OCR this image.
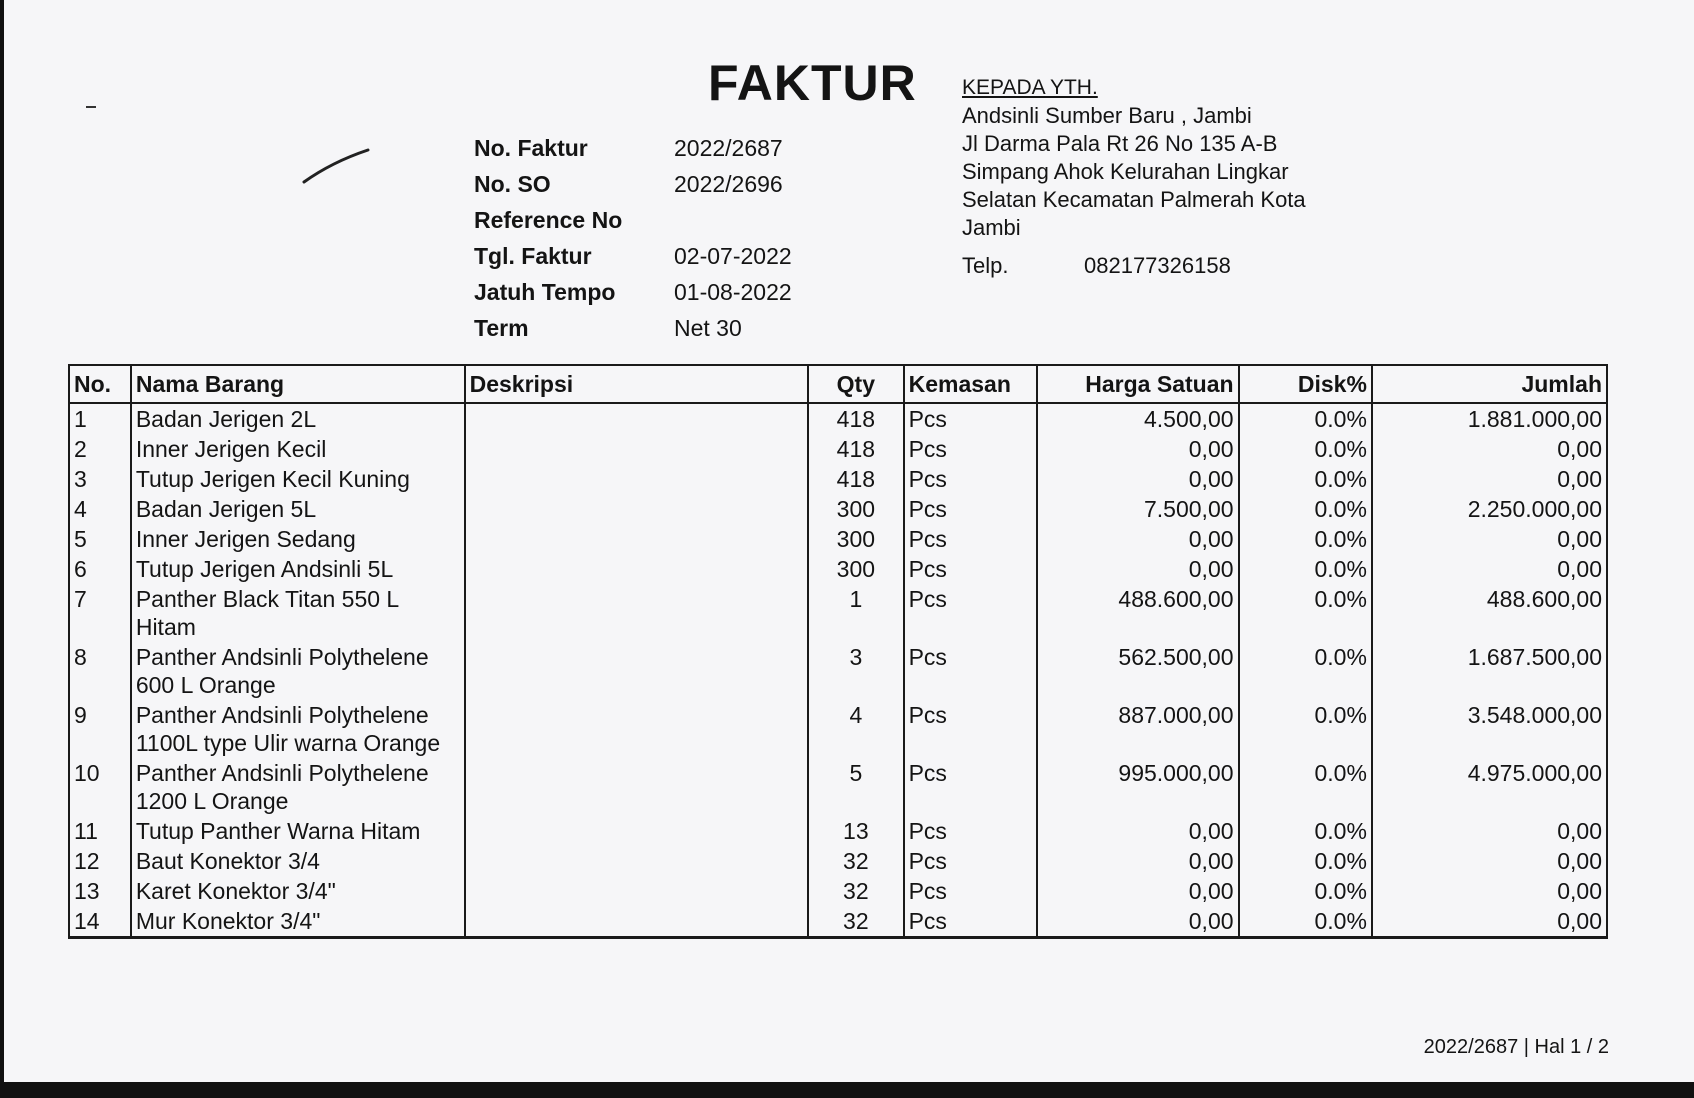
FAKTUR
No. Faktur	2022/2687
No. SO	2022/2696
Reference No
Tgl. Faktur	02-07-2022
Jatuh Tempo	01-08-2022
Term	Net 30
KEPADA YTH.
Andsinli Sumber Baru , Jambi
Jl Darma Pala Rt 26 No 135 A-B
Simpang Ahok Kelurahan Lingkar
Selatan Kecamatan Palmerah Kota
Jambi
Telp.	082177326158
No.	Nama Barang	Deskripsi	Qty	Kemasan	Harga Satuan	Disk%	Jumlah
1	Badan Jerigen 2L		418	Pcs	4.500,00	0.0%	1.881.000,00
2	Inner Jerigen Kecil		418	Pcs	0,00	0.0%	0,00
3	Tutup Jerigen Kecil Kuning		418	Pcs	0,00	0.0%	0,00
4	Badan Jerigen 5L		300	Pcs	7.500,00	0.0%	2.250.000,00
5	Inner Jerigen Sedang		300	Pcs	0,00	0.0%	0,00
6	Tutup Jerigen Andsinli 5L		300	Pcs	0,00	0.0%	0,00
7	Panther Black Titan 550 L Hitam		1	Pcs	488.600,00	0.0%	488.600,00
8	Panther Andsinli Polythelene 600 L Orange		3	Pcs	562.500,00	0.0%	1.687.500,00
9	Panther Andsinli Polythelene 1100L type Ulir warna Orange		4	Pcs	887.000,00	0.0%	3.548.000,00
10	Panther Andsinli Polythelene 1200 L Orange		5	Pcs	995.000,00	0.0%	4.975.000,00
11	Tutup Panther Warna Hitam		13	Pcs	0,00	0.0%	0,00
12	Baut Konektor 3/4		32	Pcs	0,00	0.0%	0,00
13	Karet Konektor 3/4"		32	Pcs	0,00	0.0%	0,00
14	Mur Konektor 3/4"		32	Pcs	0,00	0.0%	0,00
2022/2687 | Hal 1 / 2
